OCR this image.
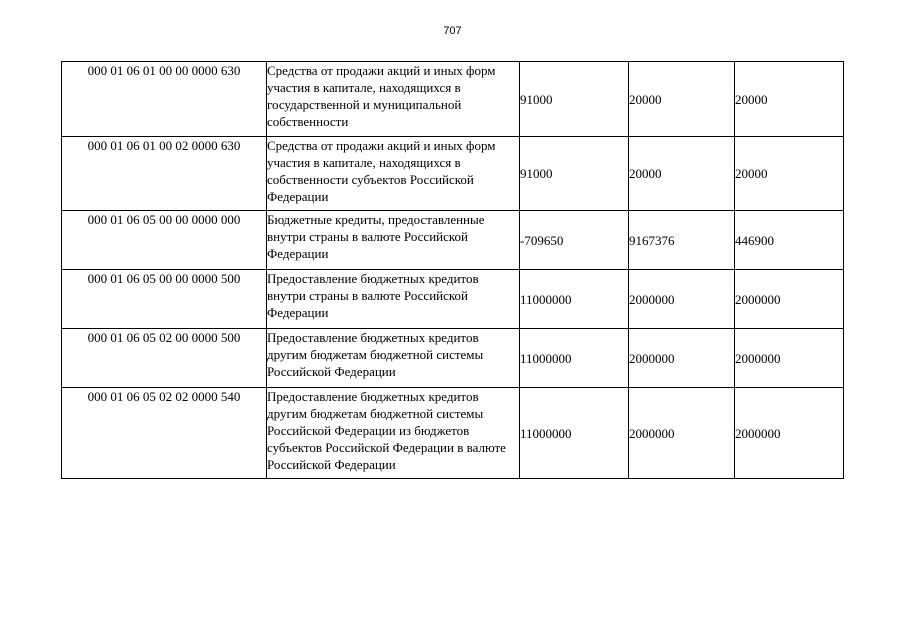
707
000 01 06 01 00 00 0000 630	Средства от продажи акций и иных форм участия в капитале, находящихся в государственной и муниципальной собственности	91000	20000	20000
000 01 06 01 00 02 0000 630	Средства от продажи акций и иных форм участия в капитале, находящихся в собственности субъектов Российской Федерации	91000	20000	20000
000 01 06 05 00 00 0000 000	Бюджетные кредиты, предоставленные внутри страны в валюте Российской Федерации	-709650	9167376	446900
000 01 06 05 00 00 0000 500	Предоставление бюджетных кредитов внутри страны в валюте Российской Федерации	11000000	2000000	2000000
000 01 06 05 02 00 0000 500	Предоставление бюджетных кредитов другим бюджетам бюджетной системы Российской Федерации	11000000	2000000	2000000
000 01 06 05 02 02 0000 540	Предоставление бюджетных кредитов другим бюджетам бюджетной системы Российской Федерации из бюджетов субъектов Российской Федерации в валюте Российской Федерации	11000000	2000000	2000000
